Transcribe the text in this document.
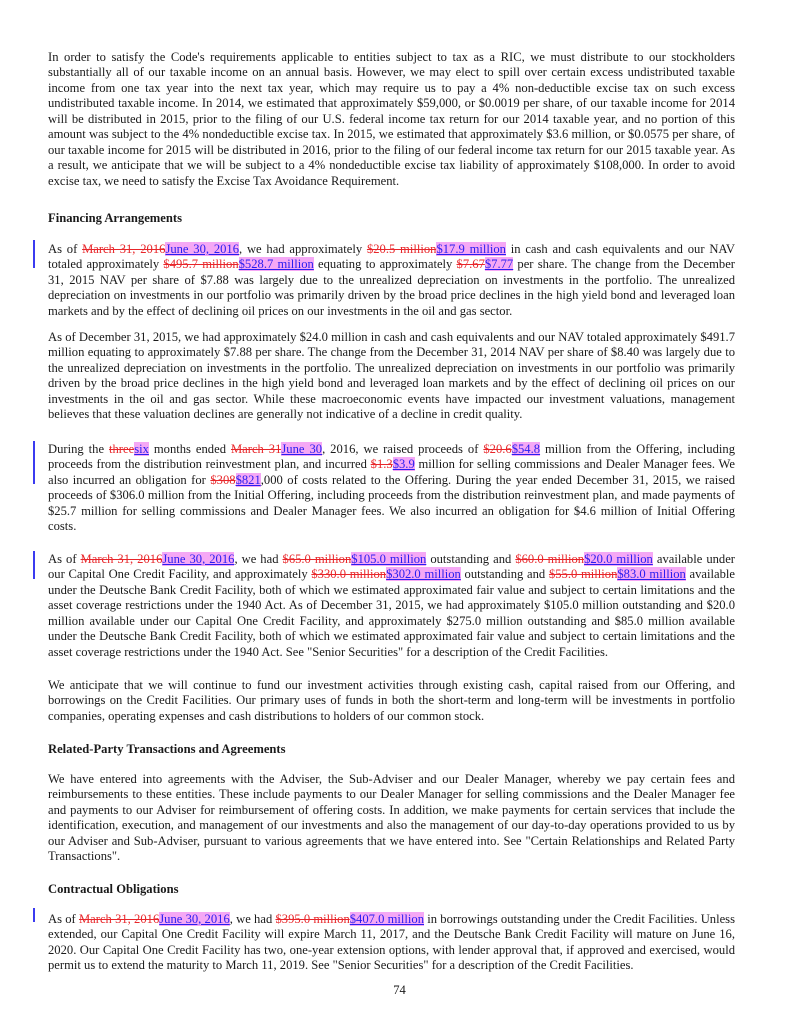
In order to satisfy the Code's requirements applicable to entities subject to tax as a RIC, we must distribute to our stockholders substantially all of our taxable income on an annual basis. However, we may elect to spill over certain excess undistributed taxable income from one tax year into the next tax year, which may require us to pay a 4% non-deductible excise tax on such excess undistributed taxable income. In 2014, we estimated that approximately $59,000, or $0.0019 per share, of our taxable income for 2014 will be distributed in 2015, prior to the filing of our U.S. federal income tax return for our 2014 taxable year, and no portion of this amount was subject to the 4% nondeductible excise tax. In 2015, we estimated that approximately $3.6 million, or $0.0575 per share, of our taxable income for 2015 will be distributed in 2016, prior to the filing of our federal income tax return for our 2015 taxable year. As a result, we anticipate that we will be subject to a 4% nondeductible excise tax liability of approximately $108,000. In order to avoid excise tax, we need to satisfy the Excise Tax Avoidance Requirement.

Financing Arrangements

As of March 31, 2016June 30, 2016, we had approximately $20.5 million$17.9 million in cash and cash equivalents and our NAV totaled approximately $495.7 million$528.7 million equating to approximately $7.67$7.77 per share. The change from the December 31, 2015 NAV per share of $7.88 was largely due to the unrealized depreciation on investments in the portfolio. The unrealized depreciation on investments in our portfolio was primarily driven by the broad price declines in the high yield bond and leveraged loan markets and by the effect of declining oil prices on our investments in the oil and gas sector.

As of December 31, 2015, we had approximately $24.0 million in cash and cash equivalents and our NAV totaled approximately $491.7 million equating to approximately $7.88 per share. The change from the December 31, 2014 NAV per share of $8.40 was largely due to the unrealized depreciation on investments in the portfolio. The unrealized depreciation on investments in our portfolio was primarily driven by the broad price declines in the high yield bond and leveraged loan markets and by the effect of declining oil prices on our investments in the oil and gas sector. While these macroeconomic events have impacted our investment valuations, management believes that these valuation declines are generally not indicative of a decline in credit quality.

During the threesix months ended March 31June 30, 2016, we raised proceeds of $20.6$54.8 million from the Offering, including proceeds from the distribution reinvestment plan, and incurred $1.3$3.9 million for selling commissions and Dealer Manager fees. We also incurred an obligation for $308$821,000 of costs related to the Offering. During the year ended December 31, 2015, we raised proceeds of $306.0 million from the Initial Offering, including proceeds from the distribution reinvestment plan, and made payments of $25.7 million for selling commissions and Dealer Manager fees. We also incurred an obligation for $4.6 million of Initial Offering costs.

As of March 31, 2016June 30, 2016, we had $65.0 million$105.0 million outstanding and $60.0 million$20.0 million available under our Capital One Credit Facility, and approximately $330.0 million$302.0 million outstanding and $55.0 million$83.0 million available under the Deutsche Bank Credit Facility, both of which we estimated approximated fair value and subject to certain limitations and the asset coverage restrictions under the 1940 Act. As of December 31, 2015, we had approximately $105.0 million outstanding and $20.0 million available under our Capital One Credit Facility, and approximately $275.0 million outstanding and $85.0 million available under the Deutsche Bank Credit Facility, both of which we estimated approximated fair value and subject to certain limitations and the asset coverage restrictions under the 1940 Act. See "Senior Securities" for a description of the Credit Facilities.

We anticipate that we will continue to fund our investment activities through existing cash, capital raised from our Offering, and borrowings on the Credit Facilities. Our primary uses of funds in both the short-term and long-term will be investments in portfolio companies, operating expenses and cash distributions to holders of our common stock.

Related-Party Transactions and Agreements

We have entered into agreements with the Adviser, the Sub-Adviser and our Dealer Manager, whereby we pay certain fees and reimbursements to these entities. These include payments to our Dealer Manager for selling commissions and the Dealer Manager fee and payments to our Adviser for reimbursement of offering costs. In addition, we make payments for certain services that include the identification, execution, and management of our investments and also the management of our day-to-day operations provided to us by our Adviser and Sub-Adviser, pursuant to various agreements that we have entered into. See "Certain Relationships and Related Party Transactions".

Contractual Obligations

As of March 31, 2016June 30, 2016, we had $395.0 million$407.0 million in borrowings outstanding under the Credit Facilities. Unless extended, our Capital One Credit Facility will expire March 11, 2017, and the Deutsche Bank Credit Facility will mature on June 16, 2020. Our Capital One Credit Facility has two, one-year extension options, with lender approval that, if approved and exercised, would permit us to extend the maturity to March 11, 2019. See "Senior Securities" for a description of the Credit Facilities.

74
